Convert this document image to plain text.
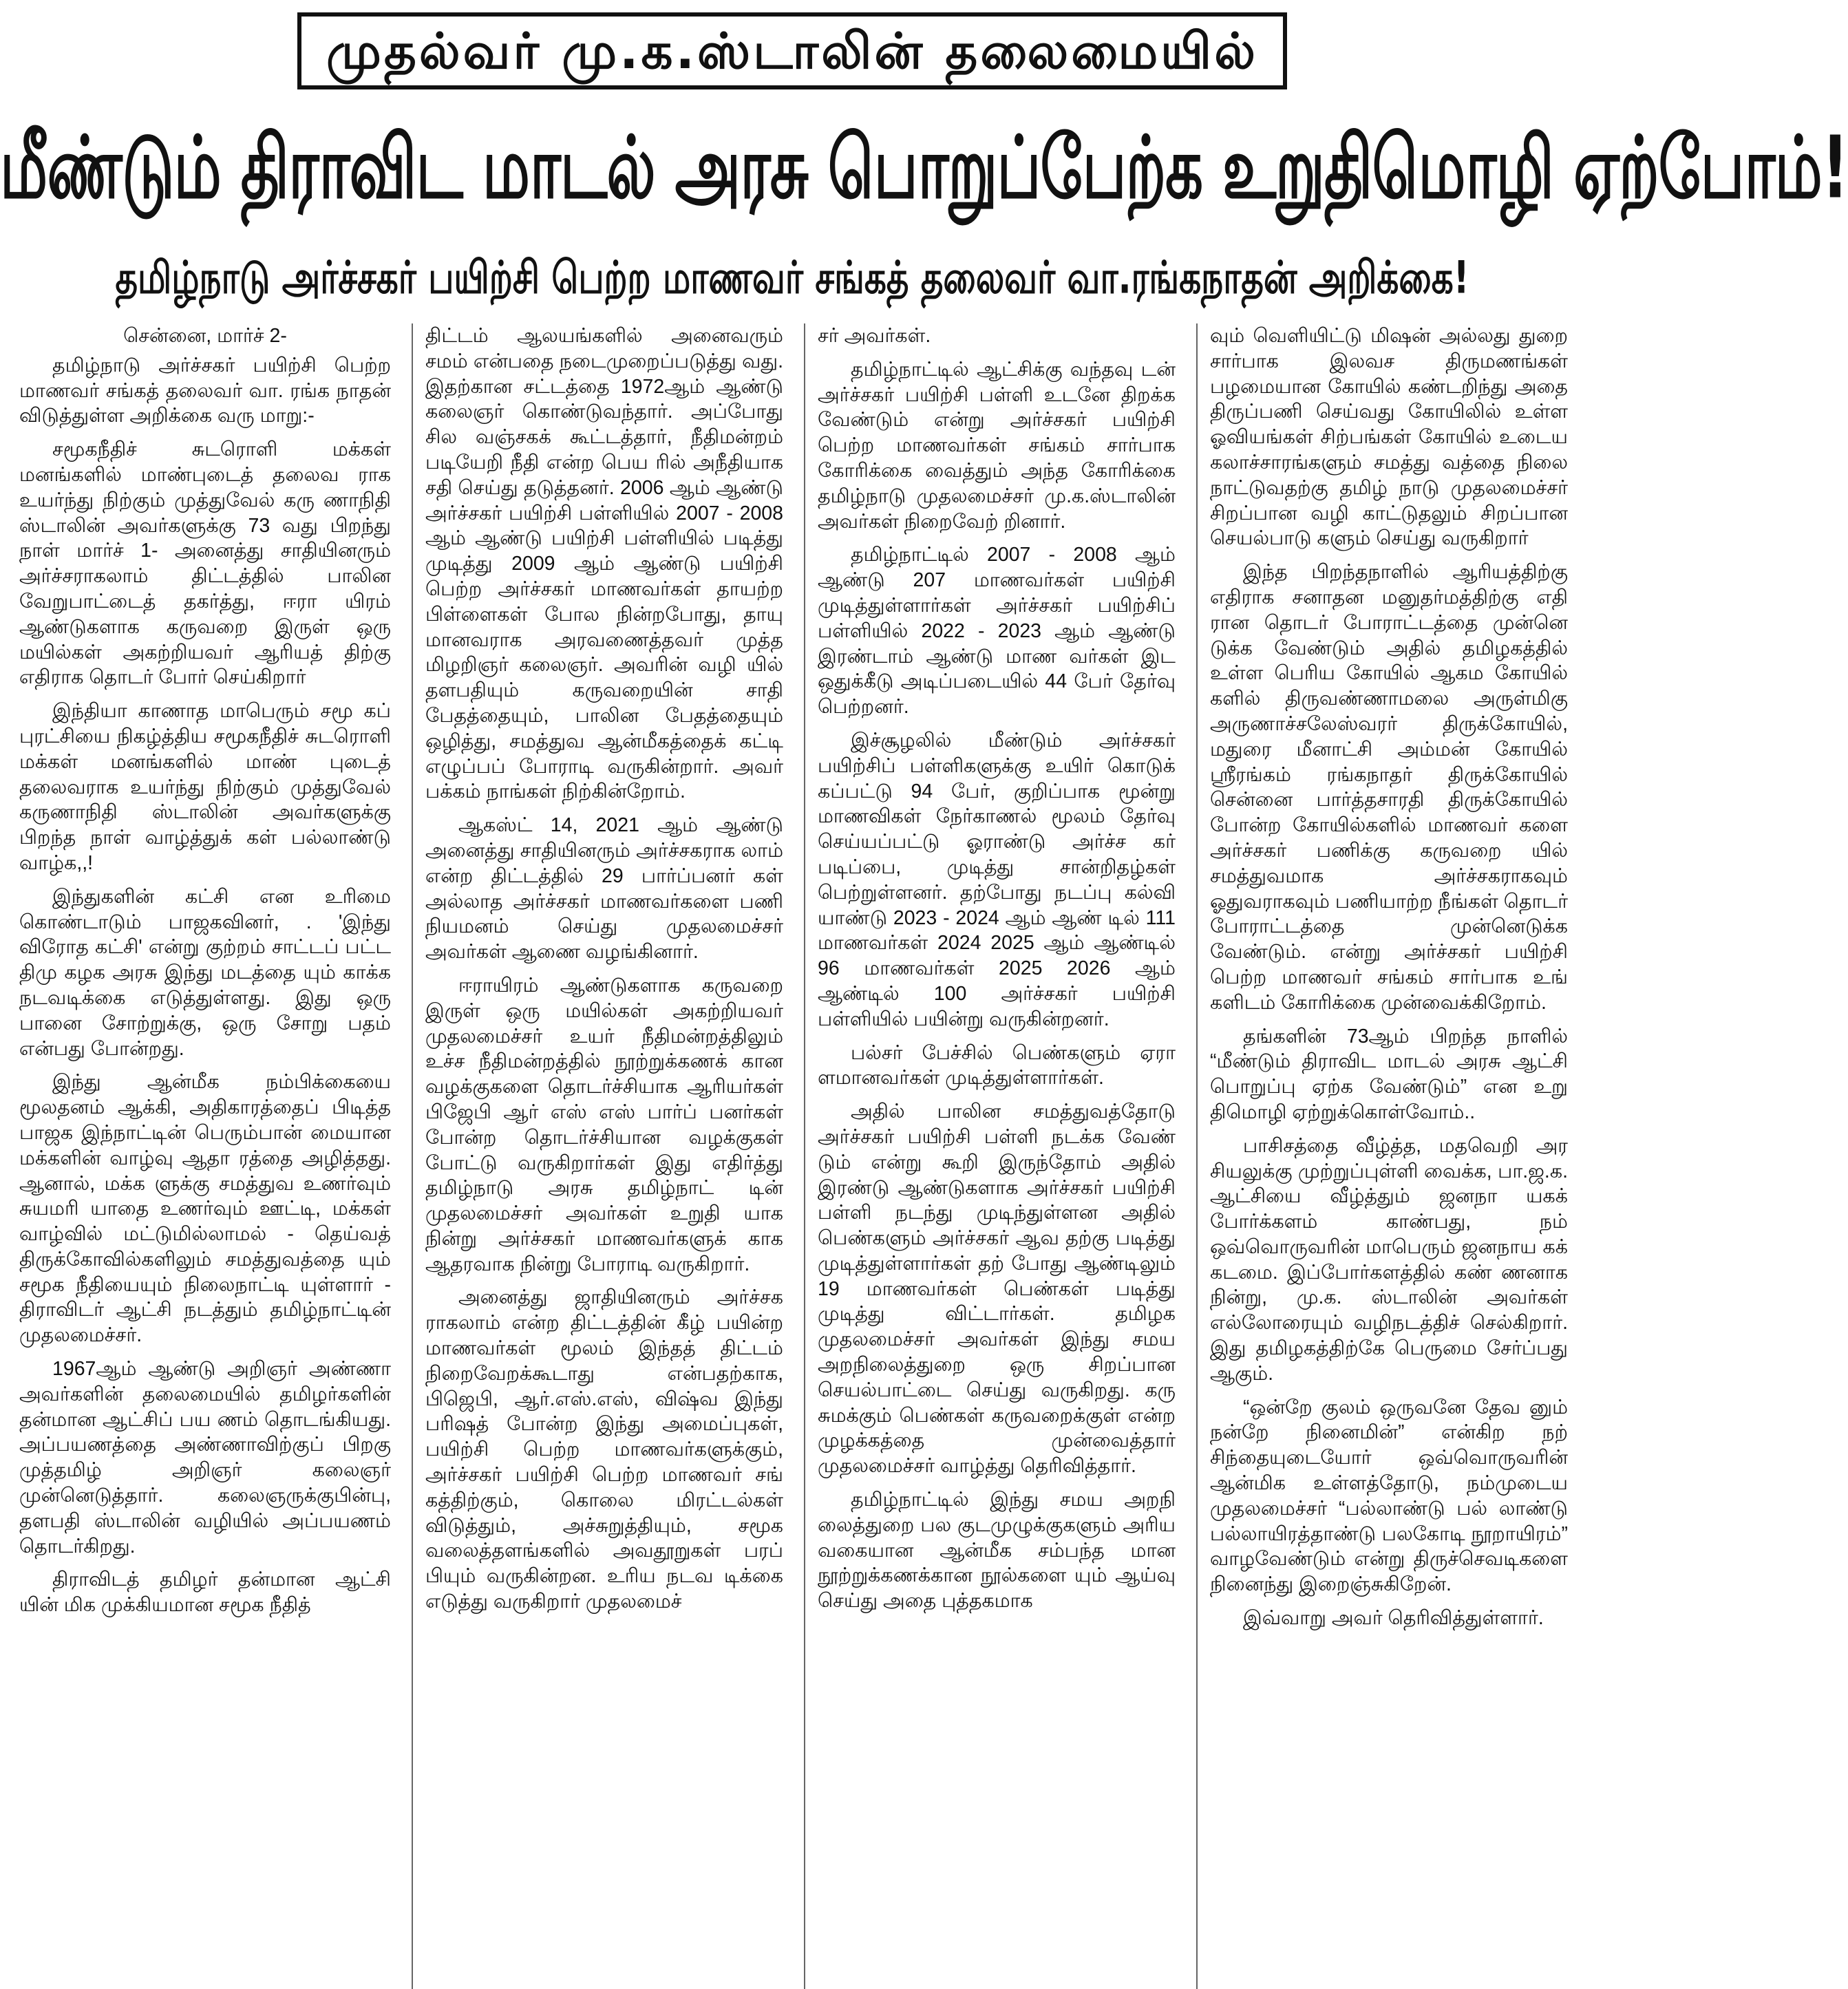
முதல்வர் மு.க.ஸ்டாலின் தலைமையில்
மீண்டும் திராவிட மாடல் அரசு பொறுப்பேற்க உறுதிமொழி ஏற்போம்!
தமிழ்நாடு அர்ச்சகர் பயிற்சி பெற்ற மாணவர் சங்கத் தலைவர் வா.ரங்கநாதன் அறிக்கை!
சென்னை, மார்ச் 2-

தமிழ்நாடு அர்ச்சகர் பயிற்சி பெற்ற மாணவர் சங்கத் தலைவர் வா. ரங்க நாதன் விடுத்துள்ள அறிக்கை வரு மாறு:-

சமூகநீதிச் சுடரொளி மக்கள் மனங்களில் மாண்புடைத் தலைவ ராக உயர்ந்து நிற்கும் முத்துவேல் கரு ணாநிதி ஸ்டாலின் அவர்களுக்கு 73 வது பிறந்து நாள் மார்ச் 1- அனைத்து சாதியினரும் அர்ச்சராகலாம் திட்டத்தில் பாலின வேறுபாட்டைத் தகர்த்து, ஈரா யிரம் ஆண்டுகளாக கருவறை இருள் ஒரு மயில்கள் அகற்றியவர் ஆரியத் திற்கு எதிராக தொடர் போர் செய்கிறார்

இந்தியா காணாத மாபெரும் சமூ கப் புரட்சியை நிகழ்த்திய சமூகநீதிச் சுடரொளி மக்கள் மனங்களில் மாண் புடைத் தலைவராக உயர்ந்து நிற்கும் முத்துவேல் கருணாநிதி ஸ்டாலின் அவர்களுக்கு பிறந்த நாள் வாழ்த்துக் கள் பல்லாண்டு வாழ்க,,!

இந்துகளின் கட்சி என உரிமை கொண்டாடும் பாஜகவினர், . 'இந்து விரோத கட்சி' என்று குற்றம் சாட்டப் பட்ட திமு கழக அரசு இந்து மடத்தை யும் காக்க நடவடிக்கை எடுத்துள்ளது. இது ஒரு பானை சோற்றுக்கு, ஒரு சோறு பதம் என்பது போன்றது.

இந்து ஆன்மீக நம்பிக்கையை மூலதனம் ஆக்கி, அதிகாரத்தைப் பிடித்த பாஜக இந்நாட்டின் பெரும்பான் மையான மக்களின் வாழ்வு ஆதா ரத்தை அழித்தது. ஆனால், மக்க ளுக்கு சமத்துவ உணர்வும் சுயமரி யாதை உணர்வும் ஊட்டி, மக்கள் வாழ்வில் மட்டுமில்லாமல் - தெய்வத் திருக்கோவில்களிலும் சமத்துவத்தை யும் சமூக நீதியையும் நிலைநாட்டி யுள்ளார் - திராவிடர் ஆட்சி நடத்தும் தமிழ்நாட்டின் முதலமைச்சர்.

1967ஆம் ஆண்டு அறிஞர் அண்ணா அவர்களின் தலைமையில் தமிழர்களின் தன்மான ஆட்சிப் பய ணம் தொடங்கியது. அப்பயணத்தை அண்ணாவிற்குப் பிறகு முத்தமிழ் அறிஞர் கலைஞர் முன்னெடுத்தார். கலைஞருக்குபின்பு, தளபதி ஸ்டாலின் வழியில் அப்பயணம் தொடர்கிறது.

திராவிடத் தமிழர் தன்மான ஆட்சி யின் மிக முக்கியமான சமூக நீதித்

திட்டம் ஆலயங்களில் அனைவரும் சமம் என்பதை நடைமுறைப்படுத்து வது. இதற்கான சட்டத்தை 1972ஆம் ஆண்டு கலைஞர் கொண்டுவந்தார். அப்போது சில வஞ்சகக் கூட்டத்தார், நீதிமன்றம் படியேறி நீதி என்ற பெய ரில் அநீதியாக சதி செய்து தடுத்தனர். 2006 ஆம் ஆண்டு அர்ச்சகர் பயிற்சி பள்ளியில் 2007 - 2008 ஆம் ஆண்டு பயிற்சி பள்ளியில் படித்து முடித்து 2009 ஆம் ஆண்டு பயிற்சி பெற்ற அர்ச்சகர் மாணவர்கள் தாயற்ற பிள்ளைகள் போல நின்றபோது, தாயு மானவராக அரவணைத்தவர் முத்த மிழறிஞர் கலைஞர். அவரின் வழி யில் தளபதியும் கருவறையின் சாதி பேதத்தையும், பாலின பேதத்தையும் ஒழித்து, சமத்துவ ஆன்மீகத்தைக் கட்டி எழுப்பப் போராடி வருகின்றார். அவர் பக்கம் நாங்கள் நிற்கின்றோம்.

ஆகஸ்ட் 14, 2021 ஆம் ஆண்டு அனைத்து சாதியினரும் அர்ச்சகராக லாம் என்ற திட்டத்தில் 29 பார்ப்பனர் கள் அல்லாத அர்ச்சகர் மாணவர்களை பணி நியமனம் செய்து முதலமைச்சர் அவர்கள் ஆணை வழங்கினார்.

ஈராயிரம் ஆண்டுகளாக கருவறை இருள் ஒரு மயில்கள் அகற்றியவர் முதலமைச்சர் உயர் நீதிமன்றத்திலும் உச்ச நீதிமன்றத்தில் நூற்றுக்கணக் கான வழக்குகளை தொடர்ச்சியாக ஆரியர்கள் பிஜேபி ஆர் எஸ் எஸ் பார்ப் பனர்கள் போன்ற தொடர்ச்சியான வழக்குகள் போட்டு வருகிறார்கள் இது எதிர்த்து தமிழ்நாடு அரசு தமிழ்நாட் டின் முதலமைச்சர் அவர்கள் உறுதி யாக நின்று அர்ச்சகர் மாணவர்களுக் காக ஆதரவாக நின்று போராடி வருகிறார்.

அனைத்து ஜாதியினரும் அர்ச்சக ராகலாம் என்ற திட்டத்தின் கீழ் பயின்ற மாணவர்கள் மூலம் இந்தத் திட்டம் நிறைவேறக்கூடாது என்பதற்காக, பிஜெபி, ஆர்.எஸ்.எஸ், விஷ்வ இந்து பரிஷத் போன்ற இந்து அமைப்புகள், பயிற்சி பெற்ற மாணவர்களுக்கும், அர்ச்சகர் பயிற்சி பெற்ற மாணவர் சங் கத்திற்கும், கொலை மிரட்டல்கள் விடுத்தும், அச்சுறுத்தியும், சமூக வலைத்தளங்களில் அவதூறுகள் பரப் பியும் வருகின்றன. உரிய நடவ டிக்கை எடுத்து வருகிறார் முதலமைச்

சர் அவர்கள்.

தமிழ்நாட்டில் ஆட்சிக்கு வந்தவு டன் அர்ச்சகர் பயிற்சி பள்ளி உடனே திறக்க வேண்டும் என்று அர்ச்சகர் பயிற்சி பெற்ற மாணவர்கள் சங்கம் சார்பாக கோரிக்கை வைத்தும் அந்த கோரிக்கை தமிழ்நாடு முதலமைச்சர் மு.க.ஸ்டாலின் அவர்கள் நிறைவேற் றினார்.

தமிழ்நாட்டில் 2007 - 2008 ஆம் ஆண்டு 207 மாணவர்கள் பயிற்சி முடித்துள்ளார்கள் அர்ச்சகர் பயிற்சிப் பள்ளியில் 2022 - 2023 ஆம் ஆண்டு இரண்டாம் ஆண்டு மாண வர்கள் இட ஒதுக்கீடு அடிப்படையில் 44 பேர் தேர்வு பெற்றனர்.

இச்சூழலில் மீண்டும் அர்ச்சகர் பயிற்சிப் பள்ளிகளுக்கு உயிர் கொடுக் கப்பட்டு 94 பேர், குறிப்பாக மூன்று மாணவிகள் நேர்காணல் மூலம் தேர்வு செய்யப்பட்டு ஓராண்டு அர்ச்ச கர் படிப்பை, முடித்து சான்றிதழ்கள் பெற்றுள்ளனர். தற்போது நடப்பு கல்வி யாண்டு 2023 - 2024 ஆம் ஆண் டில் 111 மாணவர்கள் 2024 2025 ஆம் ஆண்டில் 96 மாணவர்கள் 2025 2026 ஆம் ஆண்டில் 100 அர்ச்சகர் பயிற்சி பள்ளியில் பயின்று வருகின்றனர்.

பல்சர் பேச்சில் பெண்களும் ஏரா ளமானவர்கள் முடித்துள்ளார்கள்.

அதில் பாலின சமத்துவத்தோடு அர்ச்சகர் பயிற்சி பள்ளி நடக்க வேண் டும் என்று கூறி இருந்தோம் அதில் இரண்டு ஆண்டுகளாக அர்ச்சகர் பயிற்சி பள்ளி நடந்து முடிந்துள்ளன அதில் பெண்களும் அர்ச்சகர் ஆவ தற்கு படித்து முடித்துள்ளார்கள் தற் போது ஆண்டிலும் 19 மாணவர்கள் பெண்கள் படித்து முடித்து விட்டார்கள். தமிழக முதலமைச்சர் அவர்கள் இந்து சமய அறநிலைத்துறை ஒரு சிறப்பான செயல்பாட்டை செய்து வருகிறது. கரு சுமக்கும் பெண்கள் கருவறைக்குள் என்ற முழக்கத்தை முன்வைத்தார் முதலமைச்சர் வாழ்த்து தெரிவித்தார்.

தமிழ்நாட்டில் இந்து சமய அறநி லைத்துறை பல குடமுழுக்குகளும் அரிய வகையான ஆன்மீக சம்பந்த மான நூற்றுக்கணக்கான நூல்களை யும் ஆய்வு செய்து அதை புத்தகமாக

வும் வெளியிட்டு மிஷன் அல்லது துறை சார்பாக இலவச திருமணங்கள் பழமையான கோயில் கண்டறிந்து அதை திருப்பணி செய்வது கோயிலில் உள்ள ஓவியங்கள் சிற்பங்கள் கோயில் உடைய கலாச்சாரங்களும் சமத்து வத்தை நிலை நாட்டுவதற்கு தமிழ் நாடு முதலமைச்சர் சிறப்பான வழி காட்டுதலும் சிறப்பான செயல்பாடு களும் செய்து வருகிறார்

இந்த பிறந்தநாளில் ஆரியத்திற்கு எதிராக சனாதன மனுதர்மத்திற்கு எதி ரான தொடர் போராட்டத்தை முன்னெ டுக்க வேண்டும் அதில் தமிழகத்தில் உள்ள பெரிய கோயில் ஆகம கோயில் களில் திருவண்ணாமலை அருள்மிகு அருணாச்சலேஸ்வரர் திருக்கோயில், மதுரை மீனாட்சி அம்மன் கோயில் ஸ்ரீரங்கம் ரங்கநாதர் திருக்கோயில் சென்னை பார்த்தசாரதி திருக்கோயில் போன்ற கோயில்களில் மாணவர் களை அர்ச்சகர் பணிக்கு கருவறை யில் சமத்துவமாக அர்ச்சகராகவும் ஓதுவராகவும் பணியாற்ற நீங்கள் தொடர் போராட்டத்தை முன்னெடுக்க வேண்டும். என்று அர்ச்சகர் பயிற்சி பெற்ற மாணவர் சங்கம் சார்பாக உங் களிடம் கோரிக்கை முன்வைக்கிறோம்.

தங்களின் 73ஆம் பிறந்த நாளில் “மீண்டும் திராவிட மாடல் அரசு ஆட்சி பொறுப்பு ஏற்க வேண்டும்” என உறு திமொழி ஏற்றுக்கொள்வோம்..

பாசிசத்தை வீழ்த்த, மதவெறி அர சியலுக்கு முற்றுப்புள்ளி வைக்க, பா.ஜ.க. ஆட்சியை வீழ்த்தும் ஜனநா யகக் போர்க்களம் காண்பது, நம் ஒவ்வொருவரின் மாபெரும் ஜனநாய கக் கடமை. இப்போர்களத்தில் கண் ணனாக நின்று, மு.க. ஸ்டாலின் அவர்கள் எல்லோரையும் வழிநடத்திச் செல்கிறார். இது தமிழகத்திற்கே பெருமை சேர்ப்பது ஆகும்.

“ஒன்றே குலம் ஒருவனே தேவ னும் நன்றே நினைமின்” என்கிற நற் சிந்தையுடையோர் ஒவ்வொருவரின் ஆன்மிக உள்ளத்தோடு, நம்முடைய முதலமைச்சர் “பல்லாண்டு பல் லாண்டு பல்லாயிரத்தாண்டு பலகோடி நூறாயிரம்” வாழவேண்டும் என்று திருச்செவடிகளை நினைந்து இறைஞ்சுகிறேன்.

இவ்வாறு அவர் தெரிவித்துள்ளார்.
